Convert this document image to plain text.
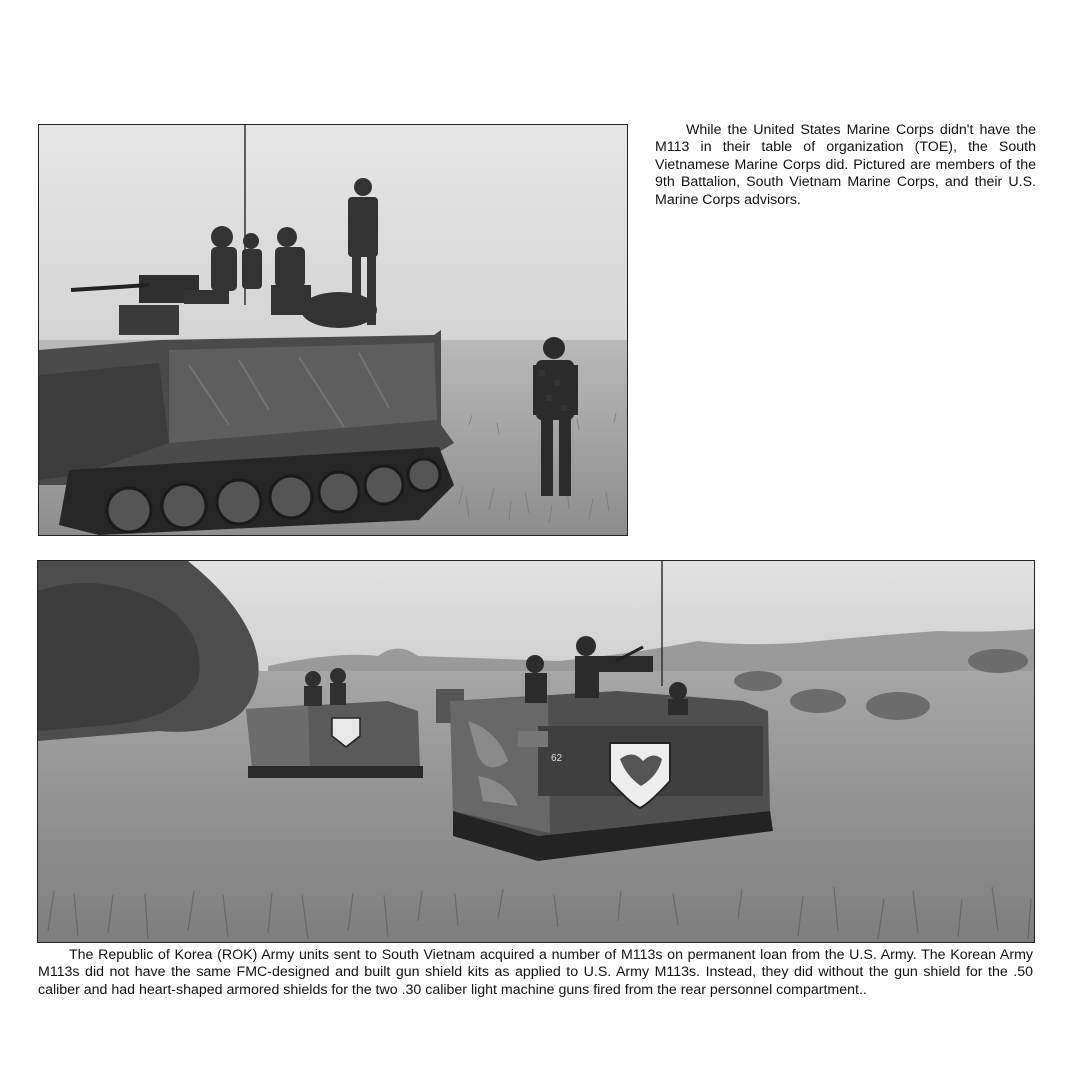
While the United States Marine Corps didn't have the M113 in their table of organization (TOE), the South Vietnamese Marine Corps did. Pictured are members of the 9th Battalion, South Vietnam Marine Corps, and their U.S. Marine Corps advisors.

62

The Republic of Korea (ROK) Army units sent to South Vietnam acquired a number of M113s on permanent loan from the U.S. Army. The Korean Army M113s did not have the same FMC-designed and built gun shield kits as applied to U.S. Army M113s. Instead, they did without the gun shield for the .50 caliber and had heart-shaped armored shields for the two .30 caliber light machine guns fired from the rear personnel compartment..
